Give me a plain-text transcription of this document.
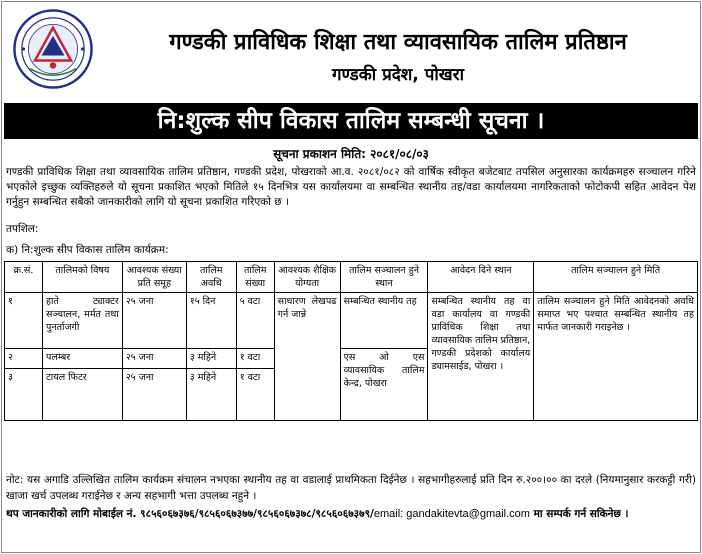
गण्डकी प्राविधिक शिक्षा तथा व्यावसायिक तालिम प्रतिष्ठान
गण्डकी प्रदेश, पोखरा
नि:शुल्क सीप विकास तालिम सम्बन्धी सूचना ।
सूचना प्रकाशन मिति: २०८१/०८/०३
गण्डकी प्राविधिक शिक्षा तथा व्यावसायिक तालिम प्रतिष्ठान, गण्डकी प्रदेश, पोखराको आ.व. २०८१/०८२ को वार्षिक स्वीकृत बजेटबाट तपसिल अनुसारका कार्यक्रमहरु सञ्चालन गरिने भएकोले इच्छुक व्यक्तिहरुले यो सूचना प्रकाशित भएको मितिले १५ दिनभित्र यस कार्यालयमा वा सम्बन्धित स्थानीय तह/वडा कार्यालयमा नागरिकताको फोटोकपी सहित आवेदन पेश गर्नुहुन सम्बन्धित सबैको जानकारीको लागि यो सूचना प्रकाशित गरिएको छ ।
तपशिल:
क) नि:शुल्क सीप विकास तालिम कार्यक्रम:
क्र.सं.	तालिमको विषय	आवश्यक संख्या प्रति समूह	तालिम अवधि	तालिम संख्या	आवश्यक शैक्षिक योग्यता	तालिम सञ्चालन हुने स्थान	आवेदन दिने स्थान	तालिम सञ्चालन हुने मिति
१	हाते ट्याक्टर सञ्चालन, मर्मत तथा पुनर्ताजगी	२५ जना	१५ दिन	५ वटा	साधारण लेखपढ गर्न जान्ने	सम्बन्धित स्थानीय तह	सम्बन्धित स्थानीय तह वा वडा कार्यालय वा गण्डकी प्राविधिक शिक्षा तथा व्यावसायिक तालिम प्रतिष्ठान, गण्डकी प्रदेशको कार्यालय ड्यामसाईड, पोखरा ।	तालिम सञ्चालन हुने मिति आवेदनको अवधि समाप्त भए पश्चात सम्बन्धित स्थानीय तह मार्फत जानकारी गराइनेछ ।
२	पलम्बर	२५ जना	३ महिने	१ वटा		एस ओ एस व्यावसायिक तालिम केन्द्र, पोखरा		
३	टायल फिटर	२५ जना	३ महिने	१ वटा				
नोट: यस अगाडि उल्लिखित तालिम कार्यक्रम संचालन नभएका स्थानीय तह वा वडालाई प्राथमिकता दिईनेछ । सहभागीहरुलाई प्रति दिन रु.२००।०० का दरले (नियमानुसार करकट्टी गरी) खाजा खर्च उपलब्ध गराईनेछ र अन्य सहभागी भत्ता उपलब्ध नहुने ।
थप जानकारीको लागि मोबाईल नं. ९८५६०६७३७६/९८५६०६७३७७/९८५६०६७३७८/९८५६०६७३७९/email: gandakitevta@gmail.com मा सम्पर्क गर्न सकिनेछ ।
